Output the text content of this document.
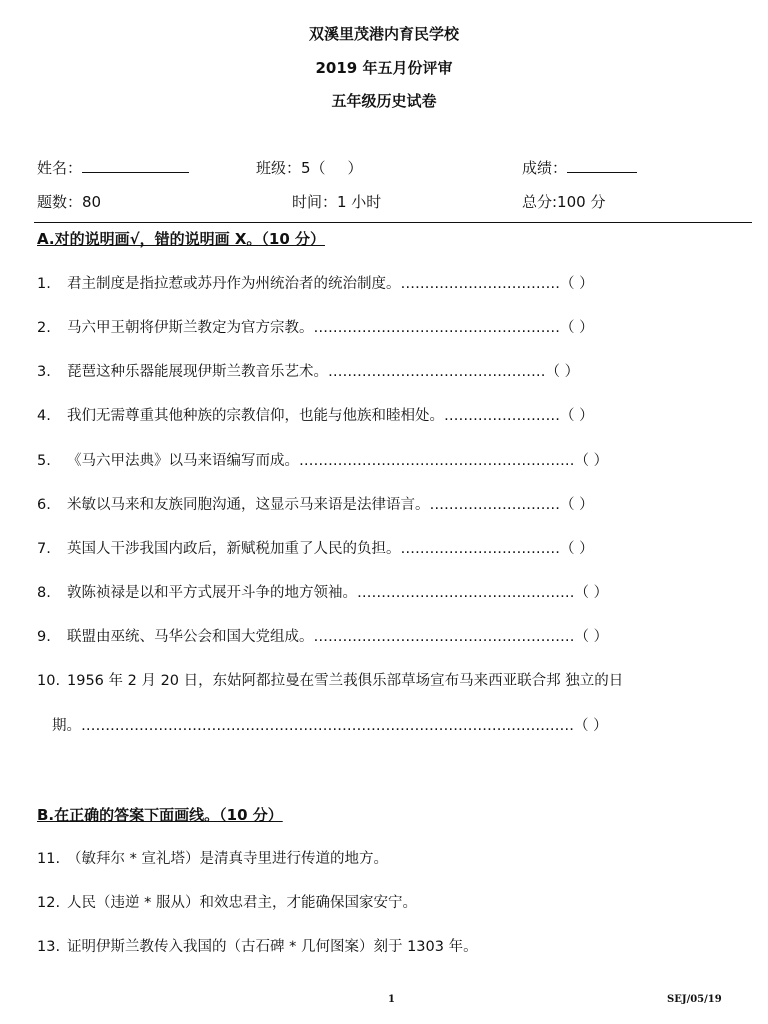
双溪里茂港内育民学校
2019 年五月份评审
五年级历史试卷
姓名：	班级：5（ ）	成绩：
题数：80	时间：1 小时	总分:100 分
A.对的说明画√，错的说明画 X。（10 分）
1. 君主制度是指拉惹或苏丹作为州统治者的统治制度。……………………………（ ）
2. 马六甲王朝将伊斯兰教定为官方宗教。……………………………………………（ ）
3. 琵琶这种乐器能展现伊斯兰教音乐艺术。………………………………………（ ）
4. 我们无需尊重其他种族的宗教信仰，也能与他族和睦相处。……………………（ ）
5. 《马六甲法典》以马来语编写而成。…………………………………………………（ ）
6. 米敏以马来和友族同胞沟通，这显示马来语是法律语言。………………………（ ）
7. 英国人干涉我国内政后，新赋税加重了人民的负担。……………………………（ ）
8. 敦陈祯禄是以和平方式展开斗争的地方领袖。………………………………………（ ）
9. 联盟由巫统、马华公会和国大党组成。………………………………………………（ ）
10. 1956 年 2 月 20 日，东姑阿都拉曼在雪兰莪俱乐部草场宣布马来西亚联合邦 独立的日
期。…………………………………………………………………………………………（ ）
B.在正确的答案下面画线。（10 分）
11. （敏拜尔 * 宣礼塔）是清真寺里进行传道的地方。
12. 人民（违逆 * 服从）和效忠君主，才能确保国家安宁。
13. 证明伊斯兰教传入我国的（古石碑 * 几何图案）刻于 1303 年。
1	SEJ/05/19
